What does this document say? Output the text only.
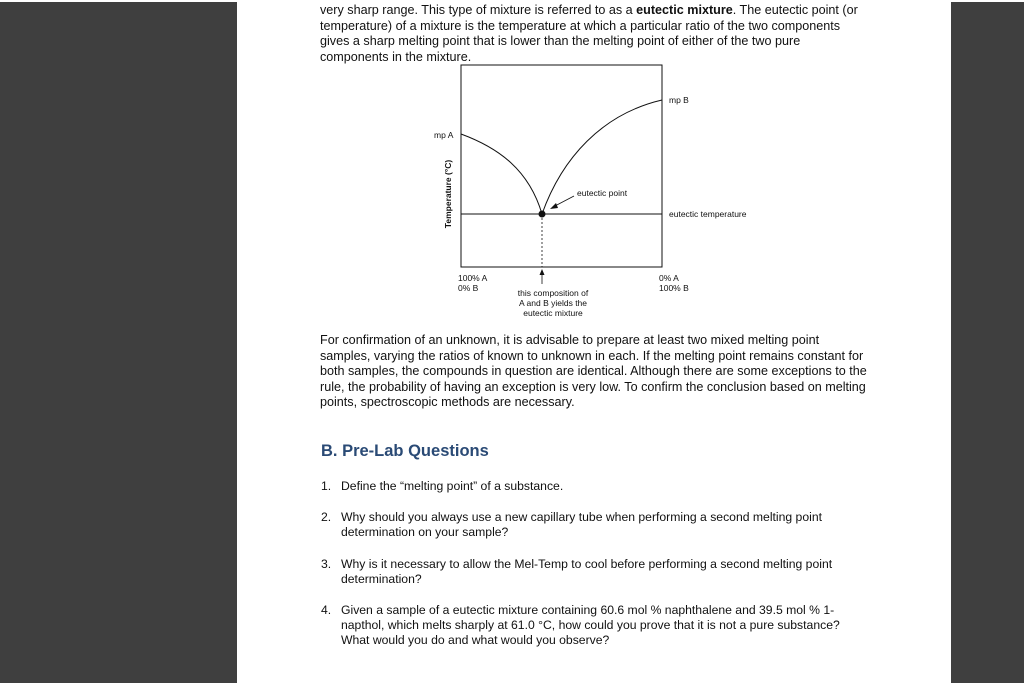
very sharp range. This type of mixture is referred to as a eutectic mixture. The eutectic point (or temperature) of a mixture is the temperature at which a particular ratio of the two components gives a sharp melting point that is lower than the melting point of either of the two pure components in the mixture.

mp A
mp B
Temperature (°C)	eutectic point
eutectic temperature
100% A
0% B
0% A
100% B
this composition of
A and B yields the
eutectic mixture

For confirmation of an unknown, it is advisable to prepare at least two mixed melting point samples, varying the ratios of known to unknown in each. If the melting point remains constant for both samples, the compounds in question are identical. Although there are some exceptions to the rule, the probability of having an exception is very low. To confirm the conclusion based on melting points, spectroscopic methods are necessary.

B. Pre-Lab Questions
1. Define the “melting point” of a substance.
2. Why should you always use a new capillary tube when performing a second melting point determination on your sample?
3. Why is it necessary to allow the Mel-Temp to cool before performing a second melting point determination?
4. Given a sample of a eutectic mixture containing 60.6 mol % naphthalene and 39.5 mol % 1-napthol, which melts sharply at 61.0 °C, how could you prove that it is not a pure substance? What would you do and what would you observe?
